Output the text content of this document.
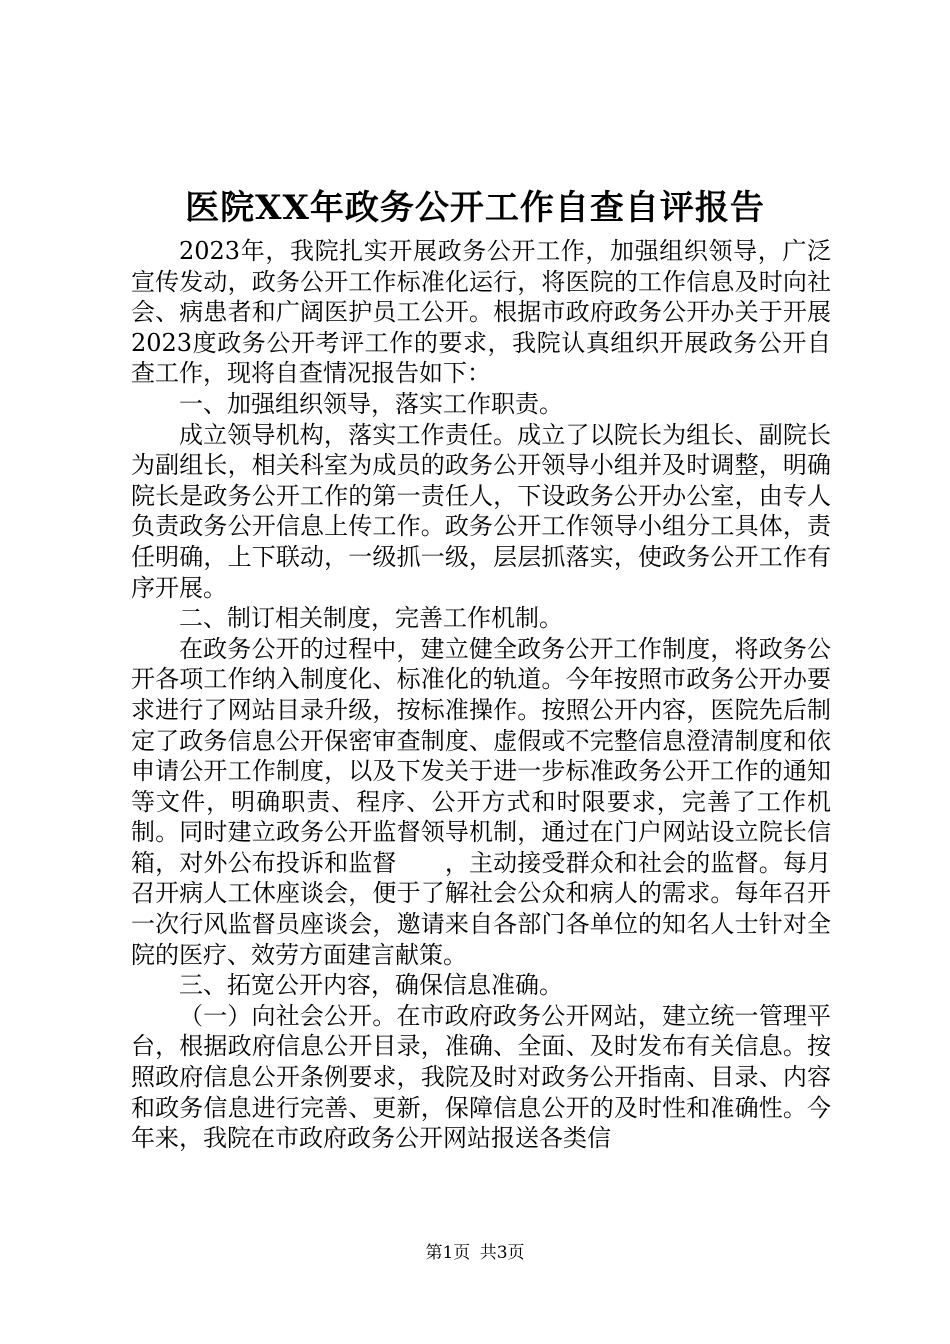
医院XX年政务公开工作自查自评报告

2023年，我院扎实开展政务公开工作，加强组织领导，广泛宣传发动，政务公开工作标准化运行，将医院的工作信息及时向社会、病患者和广阔医护员工公开。根据市政府政务公开办关于开展2023度政务公开考评工作的要求，我院认真组织开展政务公开自查工作，现将自查情况报告如下：

一、加强组织领导，落实工作职责。

成立领导机构，落实工作责任。成立了以院长为组长、副院长为副组长，相关科室为成员的政务公开领导小组并及时调整，明确院长是政务公开工作的第一责任人，下设政务公开办公室，由专人负责政务公开信息上传工作。政务公开工作领导小组分工具体，责任明确，上下联动，一级抓一级，层层抓落实，使政务公开工作有序开展。

二、制订相关制度，完善工作机制。

在政务公开的过程中，建立健全政务公开工作制度，将政务公开各项工作纳入制度化、标准化的轨道。今年按照市政务公开办要求进行了网站目录升级，按标准操作。按照公开内容，医院先后制定了政务信息公开保密审查制度、虚假或不完整信息澄清制度和依申请公开工作制度，以及下发关于进一步标准政务公开工作的通知等文件，明确职责、程序、公开方式和时限要求，完善了工作机制。同时建立政务公开监督领导机制，通过在门户网站设立院长信箱，对外公布投诉和监督　　，主动接受群众和社会的监督。每月召开病人工休座谈会，便于了解社会公众和病人的需求。每年召开一次行风监督员座谈会，邀请来自各部门各单位的知名人士针对全院的医疗、效劳方面建言献策。

三、拓宽公开内容，确保信息准确。

（一）向社会公开。在市政府政务公开网站，建立统一管理平台，根据政府信息公开目录，准确、全面、及时发布有关信息。按照政府信息公开条例要求，我院及时对政务公开指南、目录、内容和政务信息进行完善、更新，保障信息公开的及时性和准确性。今年来，我院在市政府政务公开网站报送各类信

第1页 共3页
